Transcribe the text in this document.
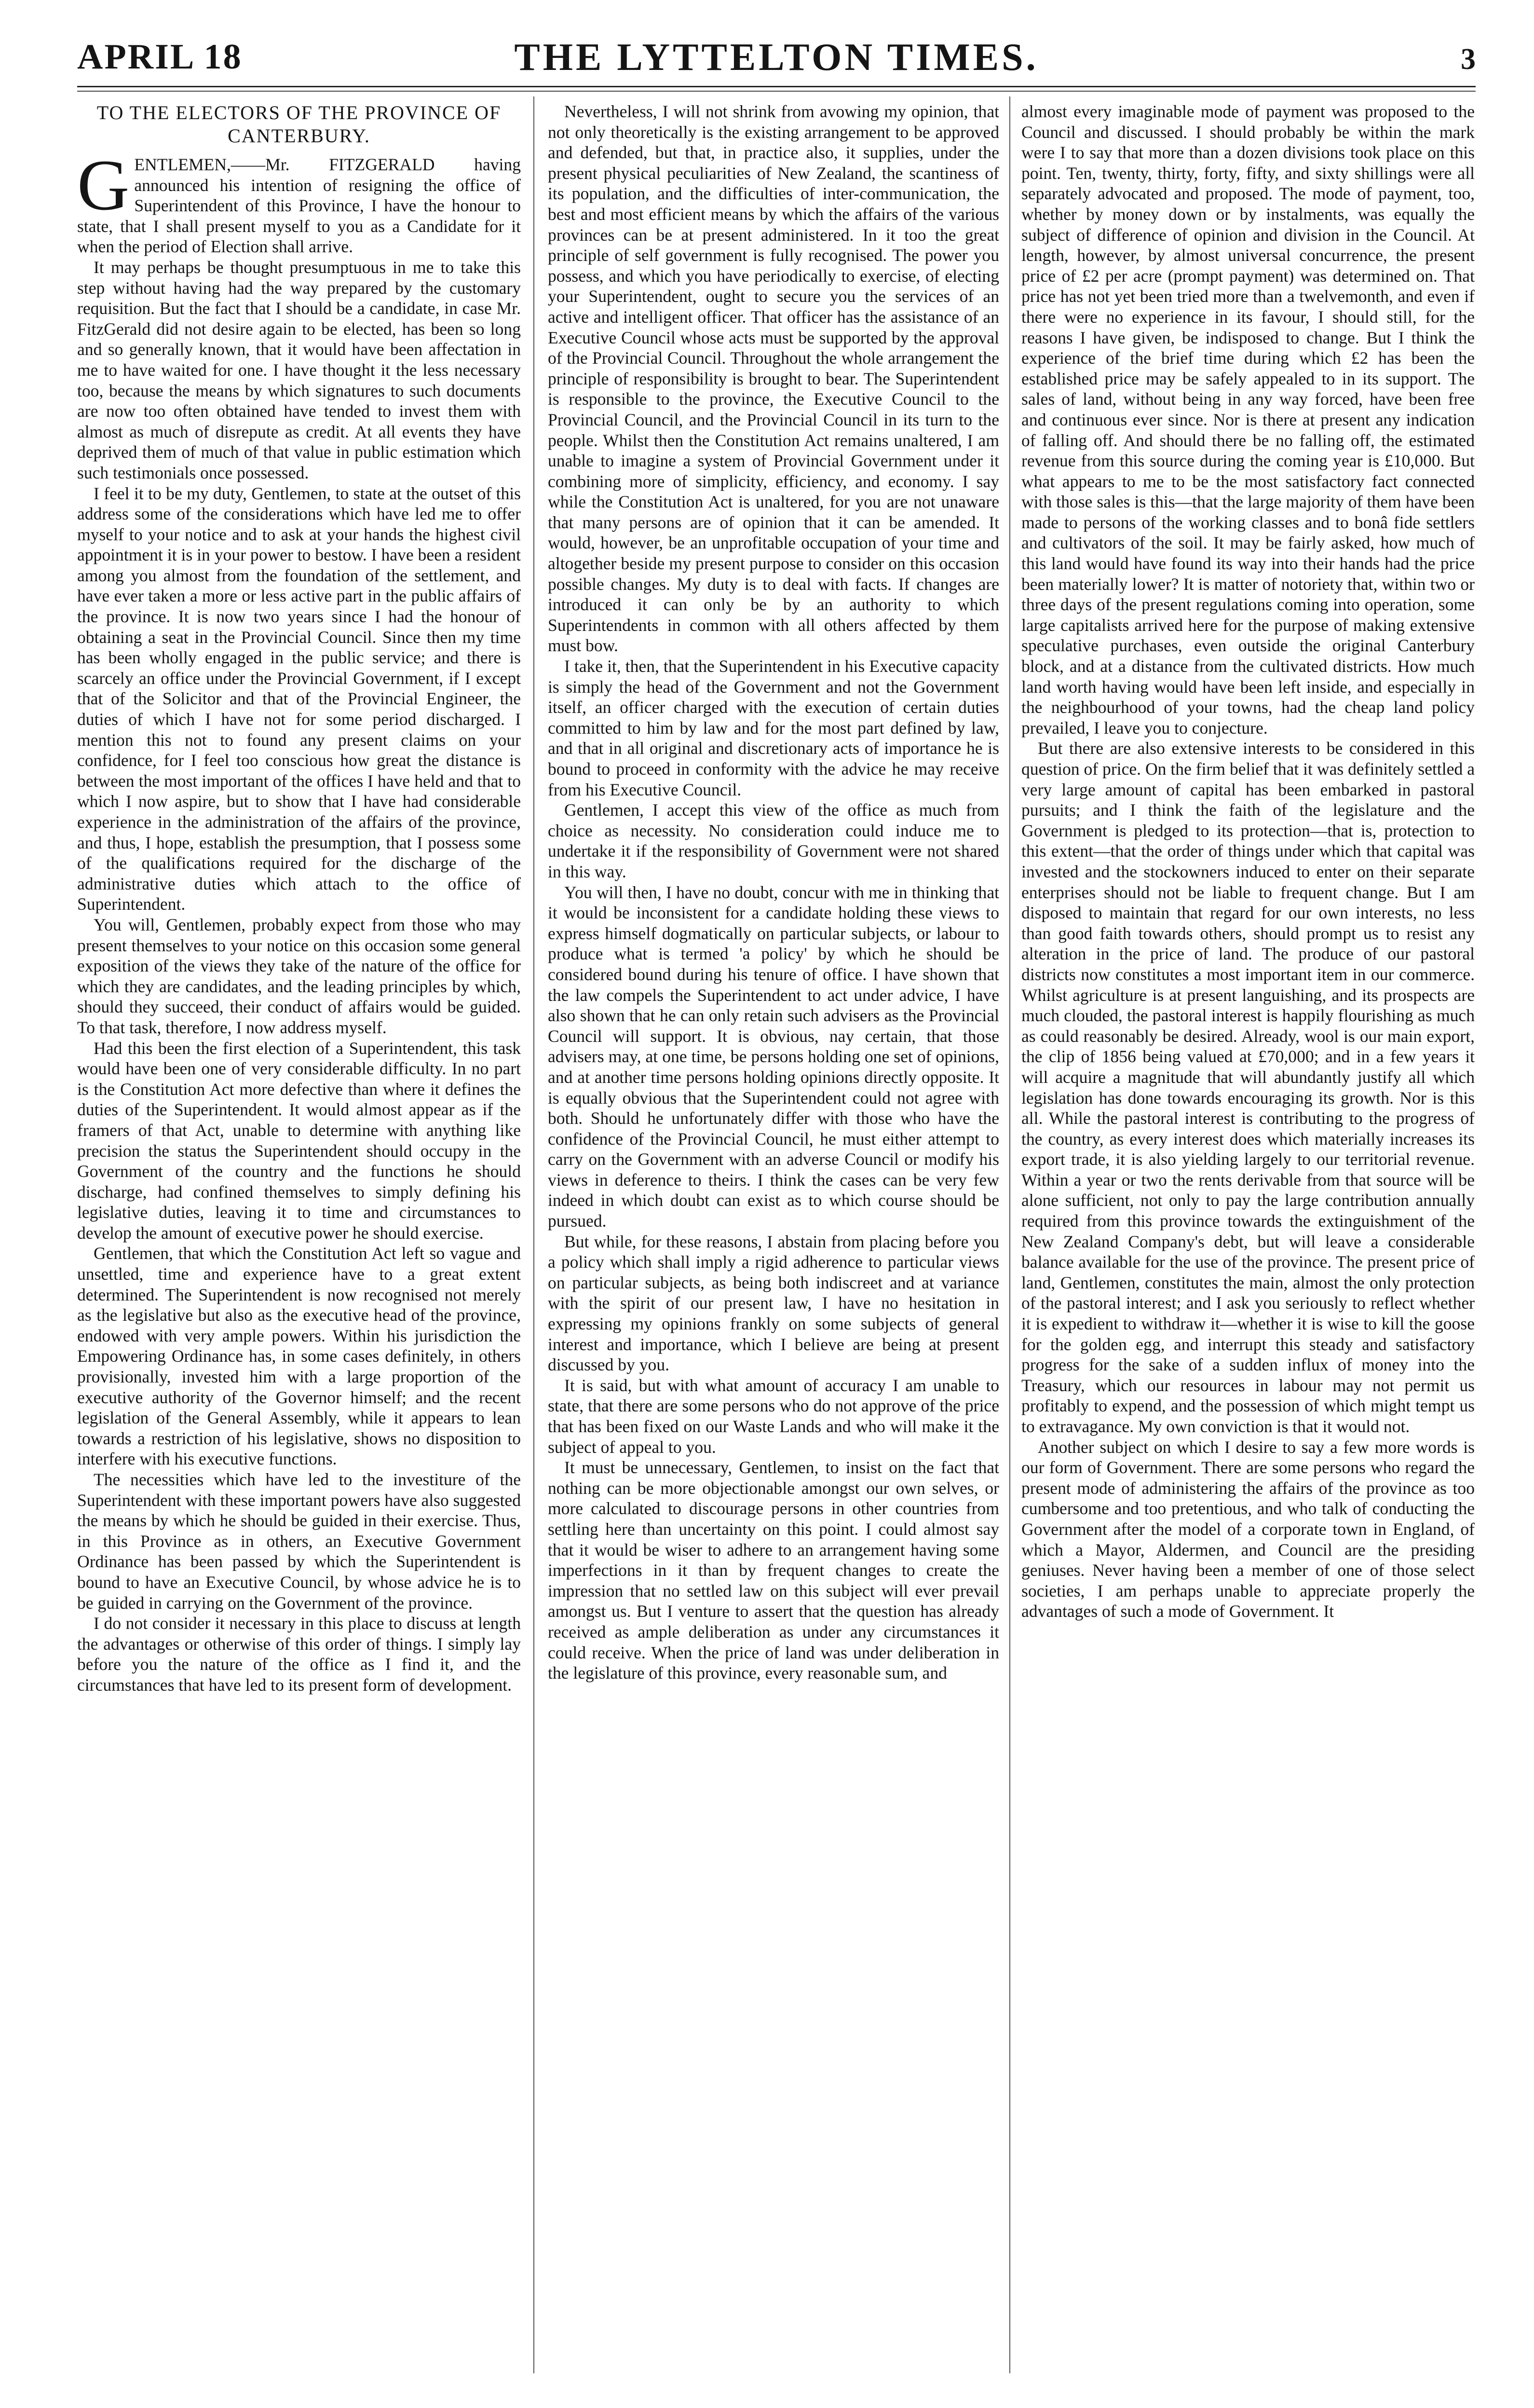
APRIL 18	THE LYTTELTON TIMES.	3
TO THE ELECTORS OF THE PROVINCE OF CANTERBURY.

GENTLEMEN,——Mr. FITZGERALD having announced his intention of resigning the office of Superintendent of this Province, I have the honour to state, that I shall present myself to you as a Candidate for it when the period of Election shall arrive.

It may perhaps be thought presumptuous in me to take this step without having had the way prepared by the customary requisition. But the fact that I should be a candidate, in case Mr. FitzGerald did not desire again to be elected, has been so long and so generally known, that it would have been affectation in me to have waited for one. I have thought it the less necessary too, because the means by which signatures to such documents are now too often obtained have tended to invest them with almost as much of disrepute as credit. At all events they have deprived them of much of that value in public estimation which such testimonials once possessed.

I feel it to be my duty, Gentlemen, to state at the outset of this address some of the considerations which have led me to offer myself to your notice and to ask at your hands the highest civil appointment it is in your power to bestow. I have been a resident among you almost from the foundation of the settlement, and have ever taken a more or less active part in the public affairs of the province. It is now two years since I had the honour of obtaining a seat in the Provincial Council. Since then my time has been wholly engaged in the public service; and there is scarcely an office under the Provincial Government, if I except that of the Solicitor and that of the Provincial Engineer, the duties of which I have not for some period discharged. I mention this not to found any present claims on your confidence, for I feel too conscious how great the distance is between the most important of the offices I have held and that to which I now aspire, but to show that I have had considerable experience in the administration of the affairs of the province, and thus, I hope, establish the presumption, that I possess some of the qualifications required for the discharge of the administrative duties which attach to the office of Superintendent.

You will, Gentlemen, probably expect from those who may present themselves to your notice on this occasion some general exposition of the views they take of the nature of the office for which they are candidates, and the leading principles by which, should they succeed, their conduct of affairs would be guided. To that task, therefore, I now address myself.

Had this been the first election of a Superintendent, this task would have been one of very considerable difficulty. In no part is the Constitution Act more defective than where it defines the duties of the Superintendent. It would almost appear as if the framers of that Act, unable to determine with anything like precision the status the Superintendent should occupy in the Government of the country and the functions he should discharge, had confined themselves to simply defining his legislative duties, leaving it to time and circumstances to develop the amount of executive power he should exercise.

Gentlemen, that which the Constitution Act left so vague and unsettled, time and experience have to a great extent determined. The Superintendent is now recognised not merely as the legislative but also as the executive head of the province, endowed with very ample powers. Within his jurisdiction the Empowering Ordinance has, in some cases definitely, in others provisionally, invested him with a large proportion of the executive authority of the Governor himself; and the recent legislation of the General Assembly, while it appears to lean towards a restriction of his legislative, shows no disposition to interfere with his executive functions.

The necessities which have led to the investiture of the Superintendent with these important powers have also suggested the means by which he should be guided in their exercise. Thus, in this Province as in others, an Executive Government Ordinance has been passed by which the Superintendent is bound to have an Executive Council, by whose advice he is to be guided in carrying on the Government of the province.

I do not consider it necessary in this place to discuss at length the advantages or otherwise of this order of things. I simply lay before you the nature of the office as I find it, and the circumstances that have led to its present form of development.

Nevertheless, I will not shrink from avowing my opinion, that not only theoretically is the existing arrangement to be approved and defended, but that, in practice also, it supplies, under the present physical peculiarities of New Zealand, the scantiness of its population, and the difficulties of inter-communication, the best and most efficient means by which the affairs of the various provinces can be at present administered. In it too the great principle of self government is fully recognised. The power you possess, and which you have periodically to exercise, of electing your Superintendent, ought to secure you the services of an active and intelligent officer. That officer has the assistance of an Executive Council whose acts must be supported by the approval of the Provincial Council. Throughout the whole arrangement the principle of responsibility is brought to bear. The Superintendent is responsible to the province, the Executive Council to the Provincial Council, and the Provincial Council in its turn to the people. Whilst then the Constitution Act remains unaltered, I am unable to imagine a system of Provincial Government under it combining more of simplicity, efficiency, and economy. I say while the Constitution Act is unaltered, for you are not unaware that many persons are of opinion that it can be amended. It would, however, be an unprofitable occupation of your time and altogether beside my present purpose to consider on this occasion possible changes. My duty is to deal with facts. If changes are introduced it can only be by an authority to which Superintendents in common with all others affected by them must bow.

I take it, then, that the Superintendent in his Executive capacity is simply the head of the Government and not the Government itself, an officer charged with the execution of certain duties committed to him by law and for the most part defined by law, and that in all original and discretionary acts of importance he is bound to proceed in conformity with the advice he may receive from his Executive Council.

Gentlemen, I accept this view of the office as much from choice as necessity. No consideration could induce me to undertake it if the responsibility of Government were not shared in this way.

You will then, I have no doubt, concur with me in thinking that it would be inconsistent for a candidate holding these views to express himself dogmatically on particular subjects, or labour to produce what is termed 'a policy' by which he should be considered bound during his tenure of office. I have shown that the law compels the Superintendent to act under advice, I have also shown that he can only retain such advisers as the Provincial Council will support. It is obvious, nay certain, that those advisers may, at one time, be persons holding one set of opinions, and at another time persons holding opinions directly opposite. It is equally obvious that the Superintendent could not agree with both. Should he unfortunately differ with those who have the confidence of the Provincial Council, he must either attempt to carry on the Government with an adverse Council or modify his views in deference to theirs. I think the cases can be very few indeed in which doubt can exist as to which course should be pursued.

But while, for these reasons, I abstain from placing before you a policy which shall imply a rigid adherence to particular views on particular subjects, as being both indiscreet and at variance with the spirit of our present law, I have no hesitation in expressing my opinions frankly on some subjects of general interest and importance, which I believe are being at present discussed by you.

It is said, but with what amount of accuracy I am unable to state, that there are some persons who do not approve of the price that has been fixed on our Waste Lands and who will make it the subject of appeal to you.

It must be unnecessary, Gentlemen, to insist on the fact that nothing can be more objectionable amongst our own selves, or more calculated to discourage persons in other countries from settling here than uncertainty on this point. I could almost say that it would be wiser to adhere to an arrangement having some imperfections in it than by frequent changes to create the impression that no settled law on this subject will ever prevail amongst us. But I venture to assert that the question has already received as ample deliberation as under any circumstances it could receive. When the price of land was under deliberation in the legislature of this province, every reasonable sum, and

almost every imaginable mode of payment was proposed to the Council and discussed. I should probably be within the mark were I to say that more than a dozen divisions took place on this point. Ten, twenty, thirty, forty, fifty, and sixty shillings were all separately advocated and proposed. The mode of payment, too, whether by money down or by instalments, was equally the subject of difference of opinion and division in the Council. At length, however, by almost universal concurrence, the present price of £2 per acre (prompt payment) was determined on. That price has not yet been tried more than a twelvemonth, and even if there were no experience in its favour, I should still, for the reasons I have given, be indisposed to change. But I think the experience of the brief time during which £2 has been the established price may be safely appealed to in its support. The sales of land, without being in any way forced, have been free and continuous ever since. Nor is there at present any indication of falling off. And should there be no falling off, the estimated revenue from this source during the coming year is £10,000. But what appears to me to be the most satisfactory fact connected with those sales is this—that the large majority of them have been made to persons of the working classes and to bonâ fide settlers and cultivators of the soil. It may be fairly asked, how much of this land would have found its way into their hands had the price been materially lower? It is matter of notoriety that, within two or three days of the present regulations coming into operation, some large capitalists arrived here for the purpose of making extensive speculative purchases, even outside the original Canterbury block, and at a distance from the cultivated districts. How much land worth having would have been left inside, and especially in the neighbourhood of your towns, had the cheap land policy prevailed, I leave you to conjecture.

But there are also extensive interests to be considered in this question of price. On the firm belief that it was definitely settled a very large amount of capital has been embarked in pastoral pursuits; and I think the faith of the legislature and the Government is pledged to its protection—that is, protection to this extent—that the order of things under which that capital was invested and the stockowners induced to enter on their separate enterprises should not be liable to frequent change. But I am disposed to maintain that regard for our own interests, no less than good faith towards others, should prompt us to resist any alteration in the price of land. The produce of our pastoral districts now constitutes a most important item in our commerce. Whilst agriculture is at present languishing, and its prospects are much clouded, the pastoral interest is happily flourishing as much as could reasonably be desired. Already, wool is our main export, the clip of 1856 being valued at £70,000; and in a few years it will acquire a magnitude that will abundantly justify all which legislation has done towards encouraging its growth. Nor is this all. While the pastoral interest is contributing to the progress of the country, as every interest does which materially increases its export trade, it is also yielding largely to our territorial revenue. Within a year or two the rents derivable from that source will be alone sufficient, not only to pay the large contribution annually required from this province towards the extinguishment of the New Zealand Company's debt, but will leave a considerable balance available for the use of the province. The present price of land, Gentlemen, constitutes the main, almost the only protection of the pastoral interest; and I ask you seriously to reflect whether it is expedient to withdraw it—whether it is wise to kill the goose for the golden egg, and interrupt this steady and satisfactory progress for the sake of a sudden influx of money into the Treasury, which our resources in labour may not permit us profitably to expend, and the possession of which might tempt us to extravagance. My own conviction is that it would not.

Another subject on which I desire to say a few more words is our form of Government. There are some persons who regard the present mode of administering the affairs of the province as too cumbersome and too pretentious, and who talk of conducting the Government after the model of a corporate town in England, of which a Mayor, Aldermen, and Council are the presiding geniuses. Never having been a member of one of those select societies, I am perhaps unable to appreciate properly the advantages of such a mode of Government. It
